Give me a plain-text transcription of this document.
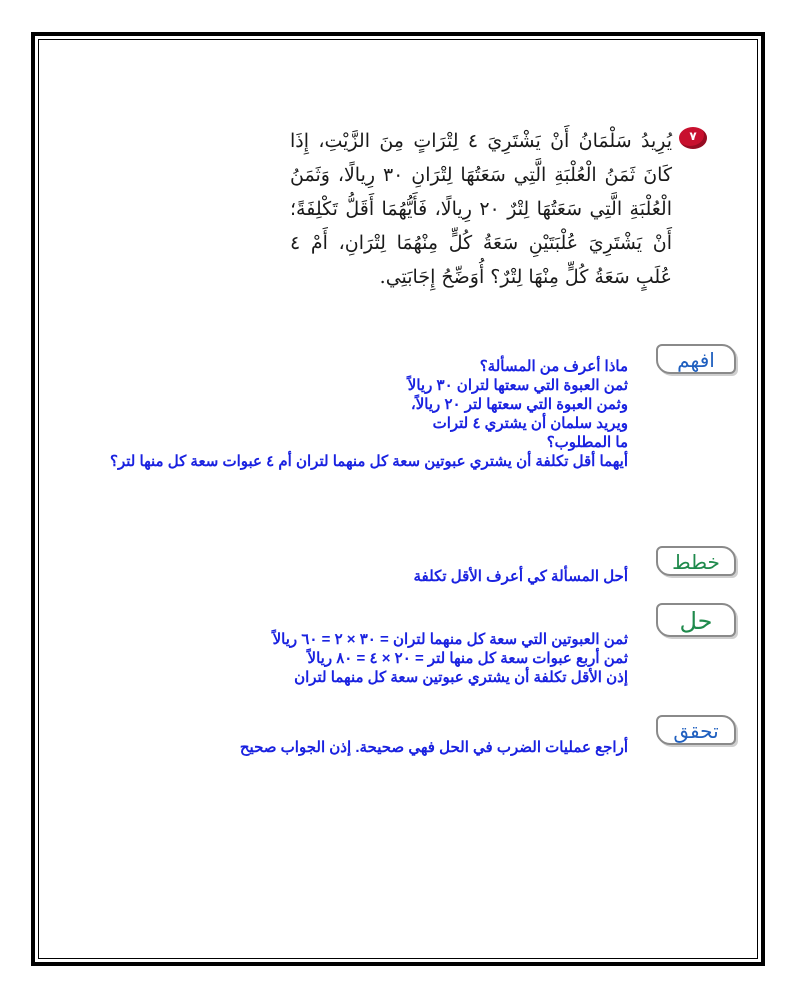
٧
يُرِيدُ سَلْمَانُ أَنْ يَشْتَرِيَ ٤ لِتْرَاتٍ مِنَ الزَّيْتِ، إِذَا كَانَ ثَمَنُ الْعُلْبَةِ الَّتِي سَعَتُهَا لِتْرَانِ ٣٠ رِيالًا، وَثَمَنُ الْعُلْبَةِ الَّتِي سَعَتُهَا لِتْرٌ ٢٠ رِيالًا، فَأَيُّهُمَا أَقَلُّ تَكْلِفَةً؛ أَنْ يَشْتَرِيَ عُلْبَتَيْنِ سَعَةُ كُلٍّ مِنْهُمَا لِتْرَانِ، أَمْ ٤ عُلَبٍ سَعَةُ كُلٍّ مِنْهَا لِتْرٌ؟ أُوَضِّحُ إِجَابَتِي.
افهم
ماذا أعرف من المسألة؟
ثمن العبوة التي سعتها لتران ٣٠ ريالاً
وثمن العبوة التي سعتها لتر ٢٠ ريالاً،
ويريد سلمان أن يشتري ٤ لترات
ما المطلوب؟
أيهما أقل تكلفة أن يشتري عبوتين سعة كل منهما لتران أم ٤ عبوات سعة كل منها لتر؟
خطط
أحل المسألة كي أعرف الأقل تكلفة
حل
ثمن العبوتين التي سعة كل منهما لتران = ٣٠ × ٢ = ٦٠ ريالاً
ثمن أربع عبوات سعة كل منها لتر = ٢٠ × ٤ = ٨٠ ريالاً
إذن الأقل تكلفة أن يشتري عبوتين سعة كل منهما لتران
تحقق
أراجع عمليات الضرب في الحل فهي صحيحة. إذن الجواب صحيح
